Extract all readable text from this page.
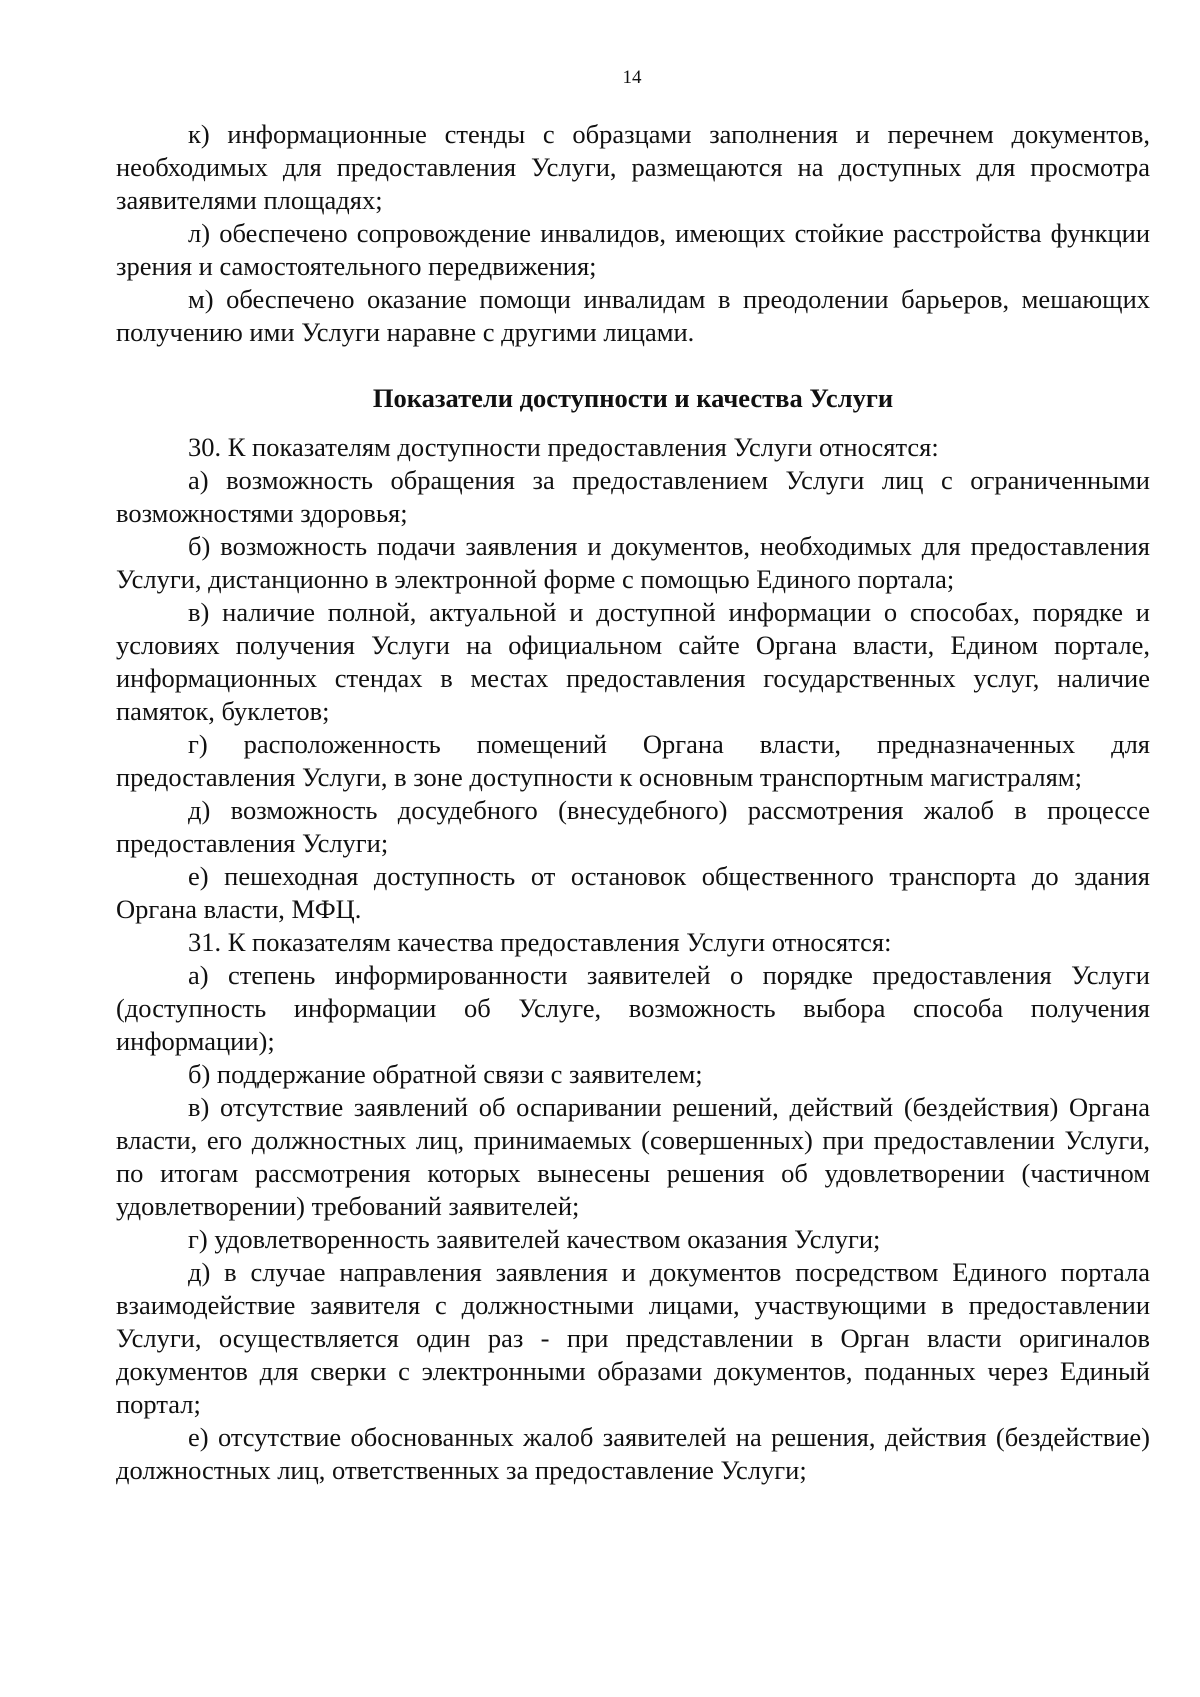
14

к) информационные стенды с образцами заполнения и перечнем документов, необходимых для предоставления Услуги, размещаются на доступных для просмотра заявителями площадях;

л) обеспечено сопровождение инвалидов, имеющих стойкие расстройства функции зрения и самостоятельного передвижения;

м) обеспечено оказание помощи инвалидам в преодолении барьеров, мешающих получению ими Услуги наравне с другими лицами.

Показатели доступности и качества Услуги

30. К показателям доступности предоставления Услуги относятся:

а) возможность обращения за предоставлением Услуги лиц с ограниченными возможностями здоровья;

б) возможность подачи заявления и документов, необходимых для предоставления Услуги, дистанционно в электронной форме с помощью Единого портала;

в) наличие полной, актуальной и доступной информации о способах, порядке и условиях получения Услуги на официальном сайте Органа власти, Едином портале, информационных стендах в местах предоставления государственных услуг, наличие памяток, буклетов;

г) расположенность помещений Органа власти, предназначенных для предоставления Услуги, в зоне доступности к основным транспортным магистралям;

д) возможность досудебного (внесудебного) рассмотрения жалоб в процессе предоставления Услуги;

е) пешеходная доступность от остановок общественного транспорта до здания Органа власти, МФЦ.

31. К показателям качества предоставления Услуги относятся:

а) степень информированности заявителей о порядке предоставления Услуги (доступность информации об Услуге, возможность выбора способа получения информации);

б) поддержание обратной связи с заявителем;

в) отсутствие заявлений об оспаривании решений, действий (бездействия) Органа власти, его должностных лиц, принимаемых (совершенных) при предоставлении Услуги, по итогам рассмотрения которых вынесены решения об удовлетворении (частичном удовлетворении) требований заявителей;

г) удовлетворенность заявителей качеством оказания Услуги;

д) в случае направления заявления и документов посредством Единого портала взаимодействие заявителя с должностными лицами, участвующими в предоставлении Услуги, осуществляется один раз - при представлении в Орган власти оригиналов документов для сверки с электронными образами документов, поданных через Единый портал;

е) отсутствие обоснованных жалоб заявителей на решения, действия (бездействие) должностных лиц, ответственных за предоставление Услуги;
